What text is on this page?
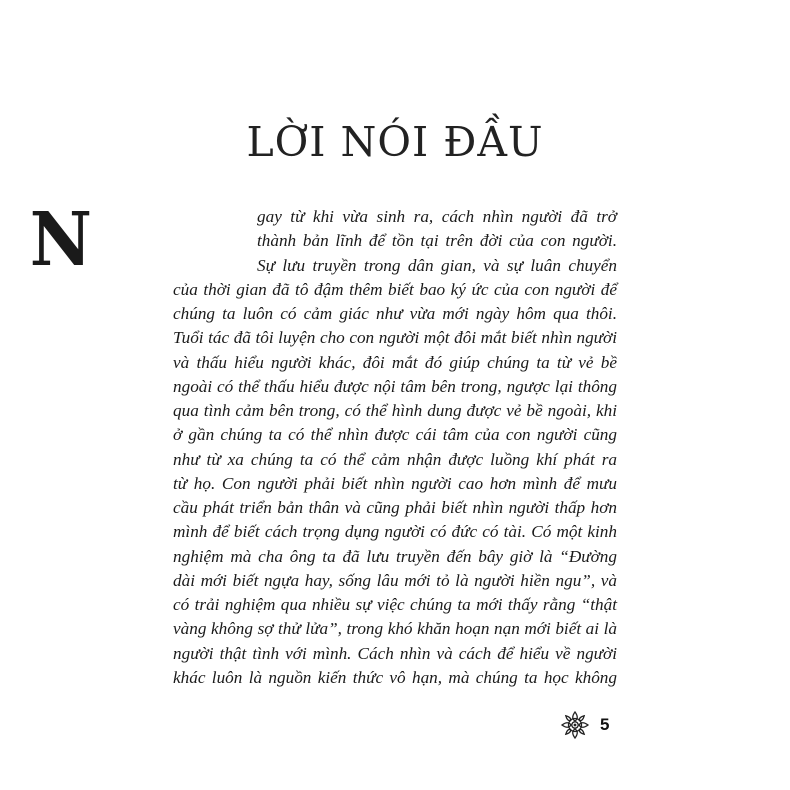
LỜI NÓI ĐẦU
N	gay từ khi vừa sinh ra, cách nhìn người đã trở
thành bản lĩnh để tồn tại trên đời của con người.
Sự lưu truyền trong dân gian, và sự luân chuyển
của thời gian đã tô đậm thêm biết bao ký ức của con người để
chúng ta luôn có cảm giác như vừa mới ngày hôm qua thôi.
Tuổi tác đã tôi luyện cho con người một đôi mắt biết nhìn người
và thấu hiểu người khác, đôi mắt đó giúp chúng ta từ vẻ bề
ngoài có thể thấu hiểu được nội tâm bên trong, ngược lại thông
qua tình cảm bên trong, có thể hình dung được vẻ bề ngoài, khi
ở gần chúng ta có thể nhìn được cái tâm của con người cũng
như từ xa chúng ta có thể cảm nhận được luồng khí phát ra
từ họ. Con người phải biết nhìn người cao hơn mình để mưu
cầu phát triển bản thân và cũng phải biết nhìn người thấp hơn
mình để biết cách trọng dụng người có đức có tài. Có một kinh
nghiệm mà cha ông ta đã lưu truyền đến bây giờ là “Đường
dài mới biết ngựa hay, sống lâu mới tỏ là người hiền ngu”, và
có trải nghiệm qua nhiều sự việc chúng ta mới thấy rằng “thật
vàng không sợ thử lửa”, trong khó khăn hoạn nạn mới biết ai là
người thật tình với mình. Cách nhìn và cách để hiểu về người
khác luôn là nguồn kiến thức vô hạn, mà chúng ta học không
5
